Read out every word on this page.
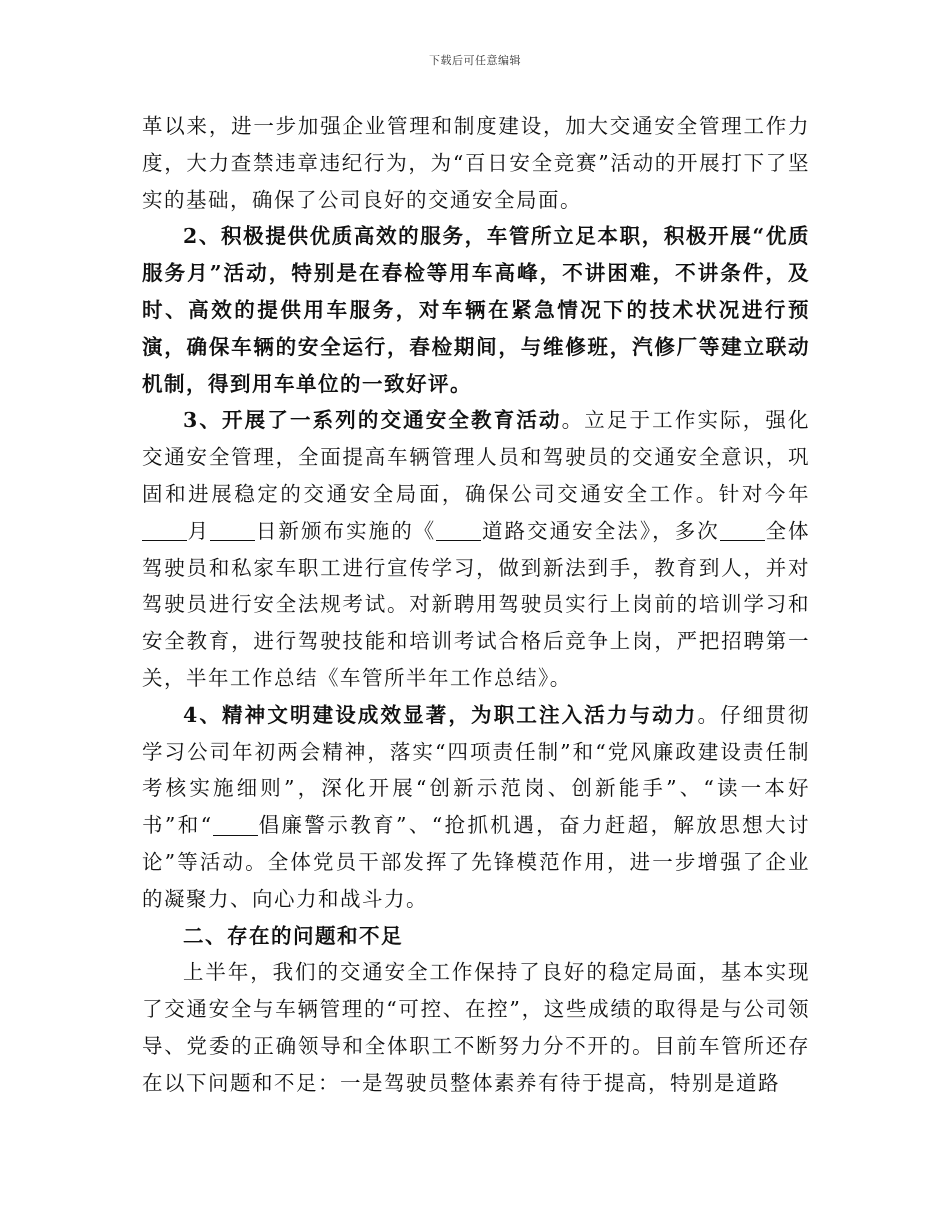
下载后可任意编辑

革以来，进一步加强企业管理和制度建设，加大交通安全管理工作力度，大力查禁违章违纪行为，为“百日安全竞赛”活动的开展打下了坚实的基础，确保了公司良好的交通安全局面。

2、积极提供优质高效的服务，车管所立足本职，积极开展“优质服务月”活动，特别是在春检等用车高峰，不讲困难，不讲条件，及时、高效的提供用车服务，对车辆在紧急情况下的技术状况进行预演，确保车辆的安全运行，春检期间，与维修班，汽修厂等建立联动机制，得到用车单位的一致好评。

3、开展了一系列的交通安全教育活动。立足于工作实际，强化交通安全管理，全面提高车辆管理人员和驾驶员的交通安全意识，巩固和进展稳定的交通安全局面，确保公司交通安全工作。针对今年月 日新颁布实施的《 道路交通安全法》，多次 全体驾驶员和私家车职工进行宣传学习，做到新法到手，教育到人，并对驾驶员进行安全法规考试。对新聘用驾驶员实行上岗前的培训学习和安全教育，进行驾驶技能和培训考试合格后竞争上岗，严把招聘第一关，半年工作总结《车管所半年工作总结》。

4、精神文明建设成效显著，为职工注入活力与动力。仔细贯彻学习公司年初两会精神，落实“四项责任制”和“党风廉政建设责任制考核实施细则”，深化开展“创新示范岗、创新能手”、“读一本好书”和“ 倡廉警示教育”、“抢抓机遇，奋力赶超，解放思想大讨论”等活动。全体党员干部发挥了先锋模范作用，进一步增强了企业的凝聚力、向心力和战斗力。

二、存在的问题和不足

上半年，我们的交通安全工作保持了良好的稳定局面，基本实现了交通安全与车辆管理的“可控、在控”，这些成绩的取得是与公司领导、党委的正确领导和全体职工不断努力分不开的。目前车管所还存在以下问题和不足：一是驾驶员整体素养有待于提高，特别是道路
